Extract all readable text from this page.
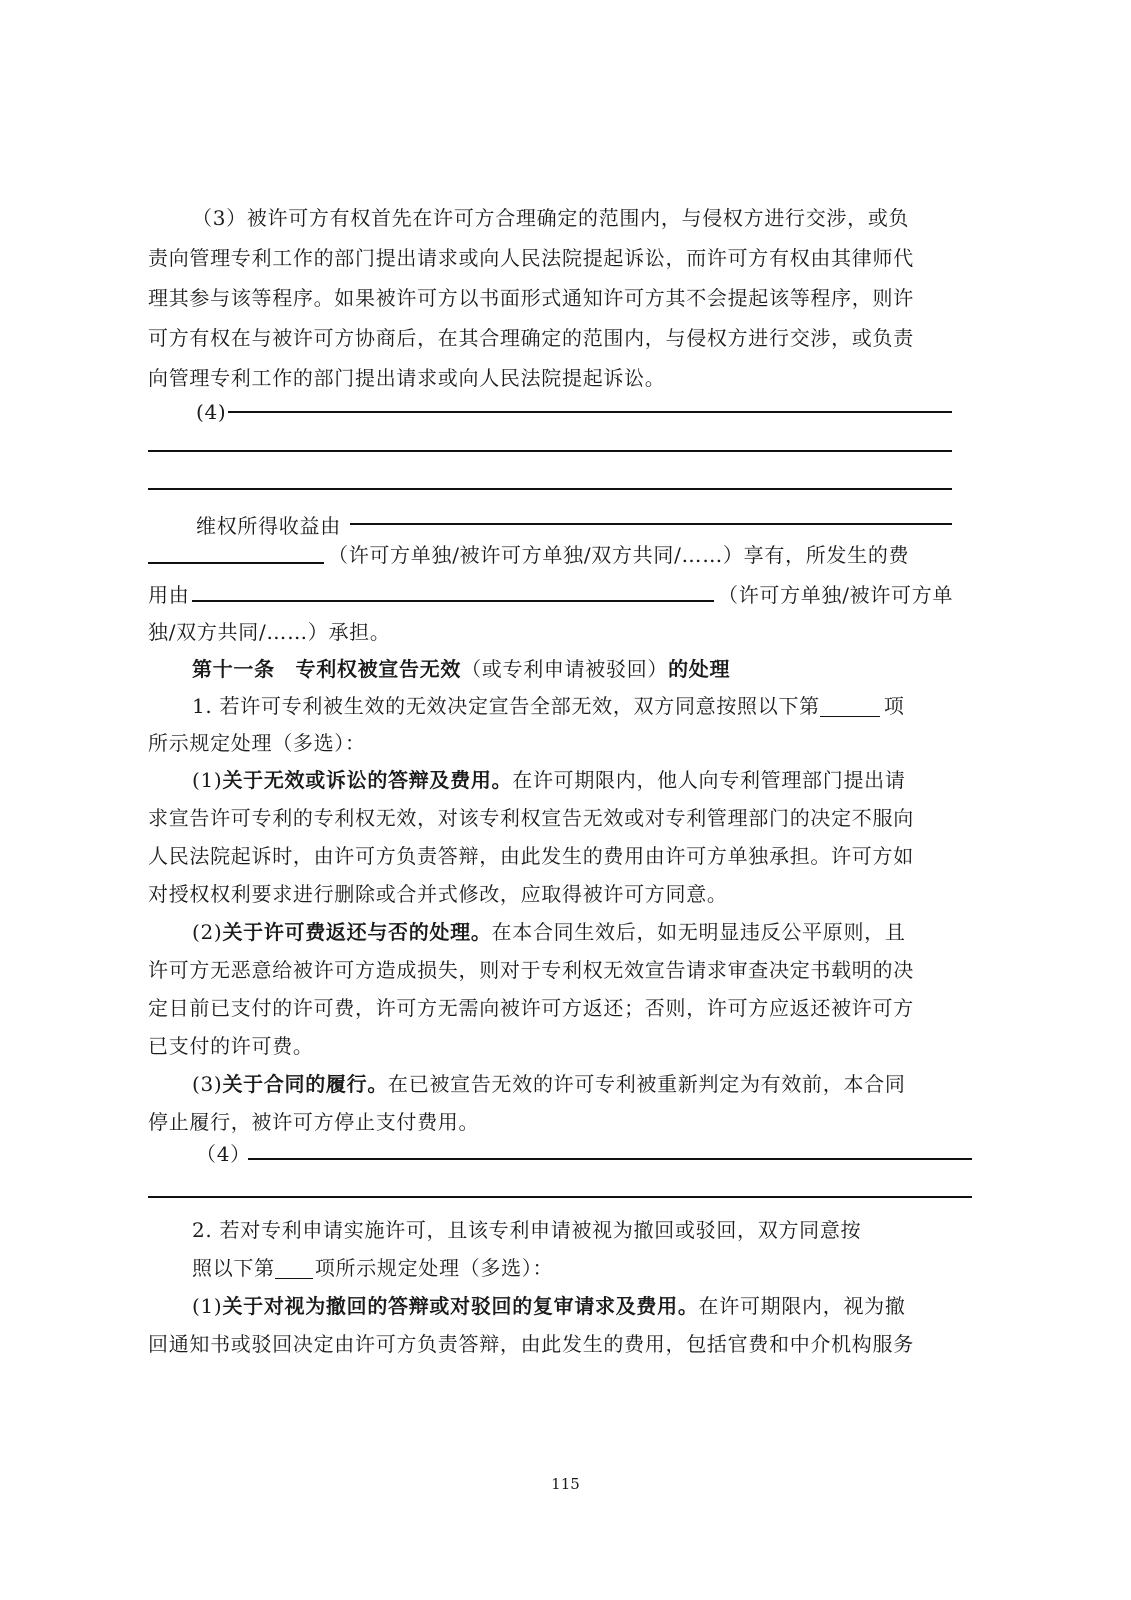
（3）被许可方有权首先在许可方合理确定的范围内，与侵权方进行交涉，或负
责向管理专利工作的部门提出请求或向人民法院提起诉讼，而许可方有权由其律师代
理其参与该等程序。如果被许可方以书面形式通知许可方其不会提起该等程序，则许
可方有权在与被许可方协商后，在其合理确定的范围内，与侵权方进行交涉，或负责
向管理专利工作的部门提出请求或向人民法院提起诉讼。
(4)
维权所得收益由
（许可方单独/被许可方单独/双方共同/……）享有，所发生的费
用由	（许可方单独/被许可方单
独/双方共同/……）承担。
第十一条　专利权被宣告无效（或专利申请被驳回）的处理
1. 若许可专利被生效的无效决定宣告全部无效，双方同意按照以下第	项
所示规定处理（多选）：
(1)关于无效或诉讼的答辩及费用。在许可期限内，他人向专利管理部门提出请
求宣告许可专利的专利权无效，对该专利权宣告无效或对专利管理部门的决定不服向
人民法院起诉时，由许可方负责答辩，由此发生的费用由许可方单独承担。许可方如
对授权权利要求进行删除或合并式修改，应取得被许可方同意。
(2)关于许可费返还与否的处理。在本合同生效后，如无明显违反公平原则，且
许可方无恶意给被许可方造成损失，则对于专利权无效宣告请求审查决定书载明的决
定日前已支付的许可费，许可方无需向被许可方返还；否则，许可方应返还被许可方
已支付的许可费。
(3)关于合同的履行。在已被宣告无效的许可专利被重新判定为有效前，本合同
停止履行，被许可方停止支付费用。
（4）
2. 若对专利申请实施许可，且该专利申请被视为撤回或驳回，双方同意按
照以下第 项所示规定处理（多选）：
(1)关于对视为撤回的答辩或对驳回的复审请求及费用。在许可期限内，视为撤
回通知书或驳回决定由许可方负责答辩，由此发生的费用，包括官费和中介机构服务
115
